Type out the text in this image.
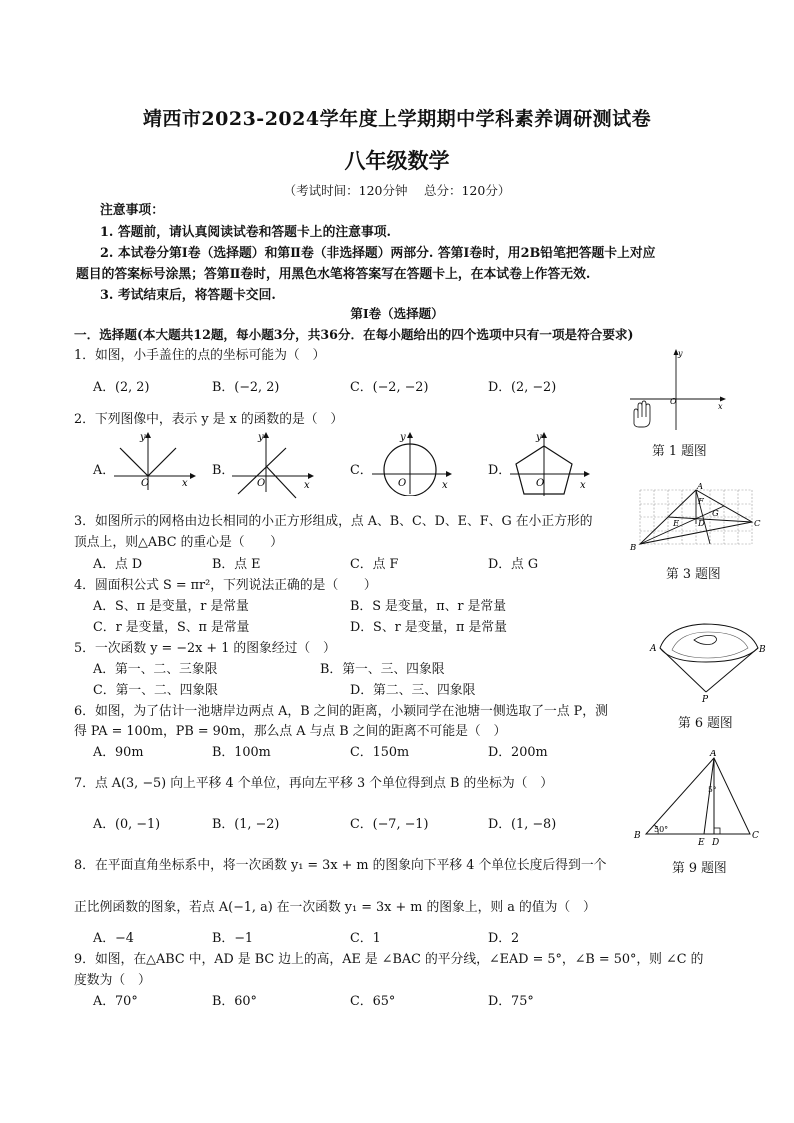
靖西市2023-2024学年度上学期期中学科素养调研测试卷
八年级数学
（考试时间：120分钟　 总分：120分）
注意事项：
1. 答题前，请认真阅读试卷和答题卡上的注意事项.
2. 本试卷分第Ⅰ卷（选择题）和第Ⅱ卷（非选择题）两部分. 答第Ⅰ卷时，用2B铅笔把答题卡上对应
题目的答案标号涂黑；答第Ⅱ卷时，用黑色水笔将答案写在答题卡上，在本试卷上作答无效.
3. 考试结束后，将答题卡交回.
第Ⅰ卷（选择题）
一．选择题(本大题共12题，每小题3分，共36分．在每小题给出的四个选项中只有一项是符合要求)
1．如图，小手盖住的点的坐标可能为（　）
A．(2, 2)	B．(−2, 2)	C．(−2, −2)	D．(2, −2)
2．下列图像中，表示 y 是 x 的函数的是（　）
A．	B．	C．	D．
O	x
y
O	x
y
O	x
y
O	x
y
3．如图所示的网格由边长相同的小正方形组成，点 A、B、C、D、E、F、G 在小正方形的
顶点上，则△ABC 的重心是（　　）
A．点 D	B．点 E	C．点 F	D．点 G
4．圆面积公式 S = πr²，下列说法正确的是（　　）
A．S、π 是变量，r 是常量	B．S 是变量，π、r 是常量
C．r 是变量，S、π 是常量	D．S、r 是变量，π 是常量
5．一次函数 y = −2x + 1 的图象经过（　）
A．第一、二、三象限	B．第一、三、四象限
C．第一、二、四象限	D．第二、三、四象限
6．如图，为了估计一池塘岸边两点 A，B 之间的距离，小颖同学在池塘一侧选取了一点 P，测
得 PA = 100m，PB = 90m，那么点 A 与点 B 之间的距离不可能是（　）
A．90m	B．100m	C．150m	D．200m
7．点 A(3, −5) 向上平移 4 个单位，再向左平移 3 个单位得到点 B 的坐标为（　）
A．(0, −1)	B．(1, −2)	C．(−7, −1)	D．(1, −8)
8．在平面直角坐标系中，将一次函数 y₁ = 3x + m 的图象向下平移 4 个单位长度后得到一个
正比例函数的图象，若点 A(−1, a) 在一次函数 y₁ = 3x + m 的图象上，则 a 的值为（　）
A．−4	B．−1	C．1	D．2
9．如图，在△ABC 中，AD 是 BC 边上的高，AE 是 ∠BAC 的平分线，∠EAD = 5°，∠B = 50°，则 ∠C 的
度数为（　）
A．70°	B．60°	C．65°	D．75°
O
x
y
第 1 题图
A
B
C
D
E
F
G
第 3 题图
A	B
P
第 6 题图
A
B	C
D
E
50°
5°
第 9 题图
